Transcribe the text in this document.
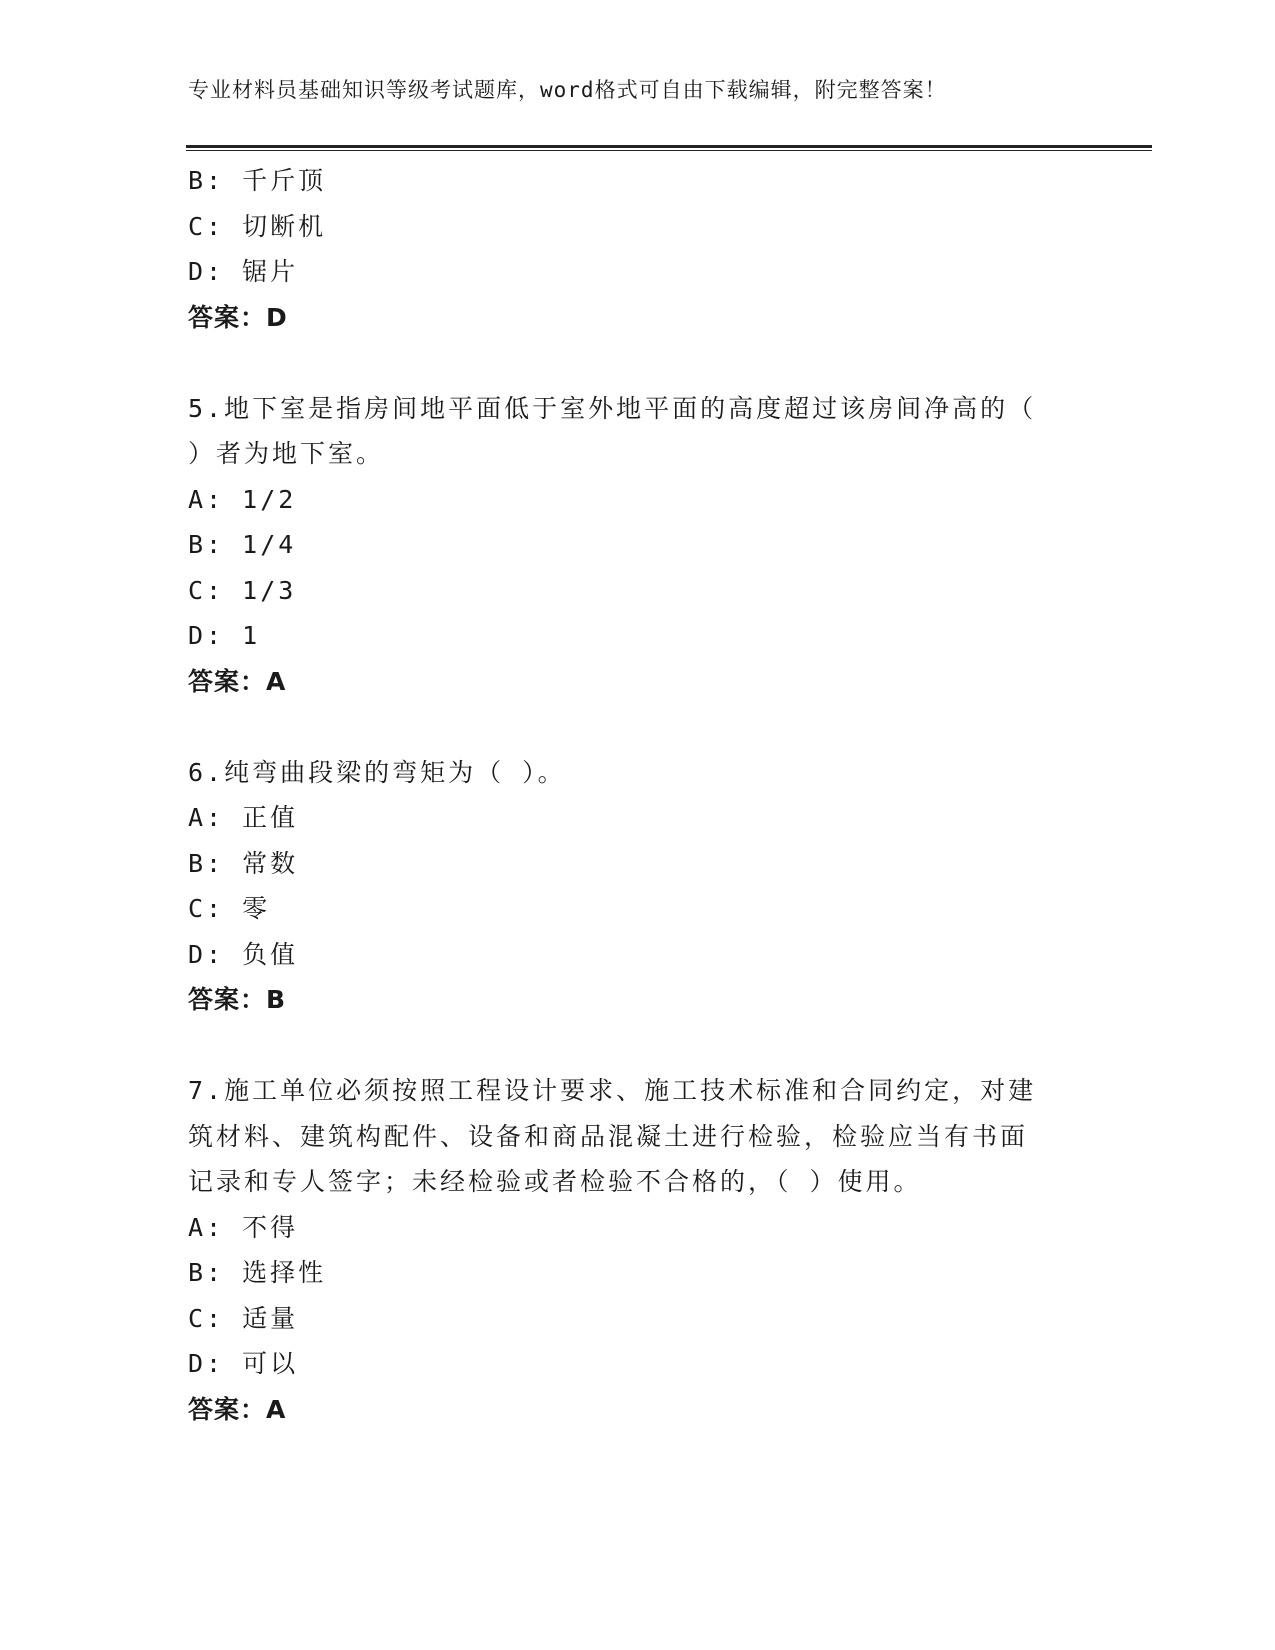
专业材料员基础知识等级考试题库，word格式可自由下载编辑，附完整答案！
B: 千斤顶
C: 切断机
D: 锯片
答案：D
5.地下室是指房间地平面低于室外地平面的高度超过该房间净高的（
）者为地下室。
A: 1/2
B: 1/4
C: 1/3
D: 1
答案：A
6.纯弯曲段梁的弯矩为（ ）。
A: 正值
B: 常数
C: 零
D: 负值
答案：B
7.施工单位必须按照工程设计要求、施工技术标准和合同约定，对建
筑材料、建筑构配件、设备和商品混凝土进行检验，检验应当有书面
记录和专人签字；未经检验或者检验不合格的，（ ）使用。
A: 不得
B: 选择性
C: 适量
D: 可以
答案：A
